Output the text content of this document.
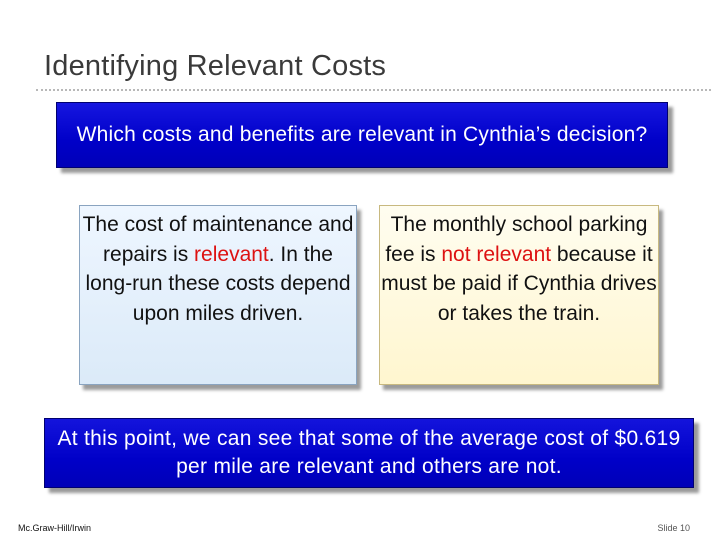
Identifying Relevant Costs
Which costs and benefits are relevant in Cynthia’s decision?
The cost of maintenance and repairs is relevant. In the long-run these costs depend upon miles driven.
The monthly school parking fee is not relevant because it must be paid if Cynthia drives or takes the train.
At this point, we can see that some of the average cost of $0.619 per mile are relevant and others are not.
Mc.Graw-Hill/Irwin	Slide 10
